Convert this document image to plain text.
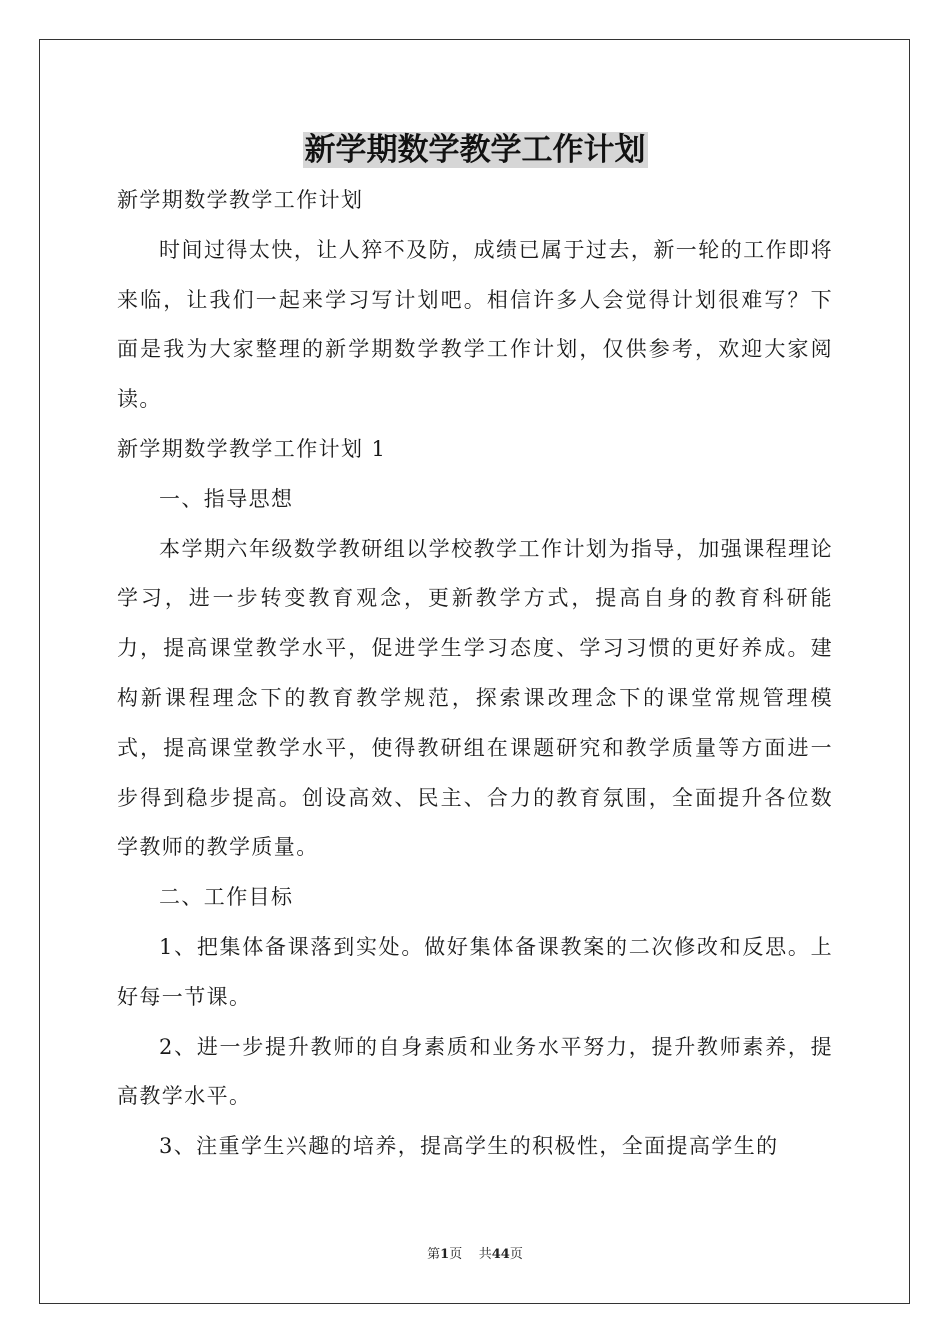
新学期数学教学工作计划

新学期数学教学工作计划

时间过得太快，让人猝不及防，成绩已属于过去，新一轮的工作即将来临，让我们一起来学习写计划吧。相信许多人会觉得计划很难写？下面是我为大家整理的新学期数学教学工作计划，仅供参考，欢迎大家阅读。

新学期数学教学工作计划 1

一、指导思想

本学期六年级数学教研组以学校教学工作计划为指导，加强课程理论学习，进一步转变教育观念，更新教学方式，提高自身的教育科研能力，提高课堂教学水平，促进学生学习态度、学习习惯的更好养成。建构新课程理念下的教育教学规范，探索课改理念下的课堂常规管理模式，提高课堂教学水平，使得教研组在课题研究和教学质量等方面进一步得到稳步提高。创设高效、民主、合力的教育氛围，全面提升各位数学教师的教学质量。

二、工作目标

1、把集体备课落到实处。做好集体备课教案的二次修改和反思。上好每一节课。

2、进一步提升教师的自身素质和业务水平努力，提升教师素养，提高教学水平。

3、注重学生兴趣的培养，提高学生的积极性，全面提高学生的

第1页 共44页
